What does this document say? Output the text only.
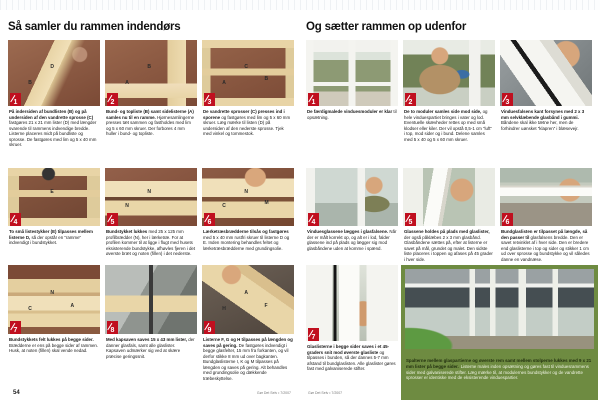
Så samler du rammen indendørs
1
D
B

På indersiden af bundlisten (B) og på undersiden af den vandrette sprosse (C) fastgøres 21 x 21 mm lister (D) med længder svarende til rammens indvendige bredde. Listerne placeres midt på bundliste og sprosse. De fastgøres med lim og 5 x 40 mm skruer.

2
B
A

Bund- og topliste (B) samt sidelisterne (A) samles nu til en ramme. Hjørnesamlingerne presses tæt sammen og fastholdes med lim og 5 x 60 mm skruer. Der forbores 4 mm huller i bund- og topliste.

3
C
A
B

De vandrette sprosser (C) presses ind i sporene og fastgøres med lim og 5 x 60 mm skruer. Læg mærke til listen (D) på undersiden af den nederste sprosse. Tjek med vinkel og tommestok.

4
E

To små listestykker (E) tilpasses mellem listerne D, så der opstår en “ramme” indvendigt i bundstykket.

5
N
N

Bundstykket lukkes med 25 x 125 mm profilbrædder (N), her i lærketræ. For at profilen kommer til at ligge i flugt med husets eksisterende bundstykke, afhøvles fjeren i det øverste bræt og noten (fillen) i det nederste.

6
N
C	M

Lærketræsbrædderne tilsås og fastgøres med 5 x 40 mm rustfri skruer til listerne D og E. Inden montering behandles feltet og lærketræsbrædderne med grundingsolie.

7
N
C
A

Bundstykkets felt lukkes på begge sider. Brædderne er ens på begge sider af rammen. Husk, at noten (fillen) skal vende nedad.

8

Med kapsaven saves 15 x 43 mm lister, der danner glasfals, samt alle glaslister. Kapsaven udmærker sig ved at skære præcise geringssnit.

9
A
H
F

Listerne F, G og H tilpasses på længden og saves på gering. De fastgøres indvendigt i begge glasfelter, 15 mm fra forkanten, og vil derfor stikke 8 mm ud over bagkanten. Bundglaslisterne I, K og M tilpasses på længden og saves på gering. Alt behandles med grundingsolie og dækkende træbeskyttelse.

54	Gør Det Selv • 7/2007
Og sætter rammen op udenfor
1

De færdigmalede vinduesmoduler er klar til opsætning.

2

De to moduler samles side mod side, og hele vinduespartiet bringes i vater og lod. Eventuelle skævheder rettes op med små klodser eller kiler. Der vil opstå 0,5-1 cm “luft” i top, mod sider og i bund. Delene samles med 5 x 40 og 5 x 60 mm skruer.

3

Vinduesfalsens kant forsynes med 2 x 3 mm selvklæbende glasbånd i gummi. Båndene skal ikke tætne her, men de forhindrer uønsket “klapren” i blæsevejr.

4

Vinduesglassene lægges i glasfalsene. Når der er målt korrekt op, og alt er i lod, falder glassene ind på plads og lægger sig mod glasbåndene uden at komme i spænd.

5

Glassene holdes på plads med glaslister, der også påklæbes 2 x 3 mm glasbånd. Glasbåndene sættes på, efter at listerne er savet på mål, grundet og malet. Den sidste liste placeres i toppen og afases på 45 grader i hver side.

6

Bundglaslisten er tilpasset på længde, så den passer til glasfalsens bredde. Den er savet retvinklet af i hver side. Den er bredere end glaslisterne i top og sider og stikker 1 cm ud over sprosse og bundstykke og vil således danne en vandnæse.

7

Glaslisterne i begge sider saves i et 45-graders snit mod øverste glasliste og tilpasses i bunden, så der dannes 5-7 mm afstand til bundglaslisten. Alle glaslister gøres fast med galvaniserede stifter.

Spalterne mellem glaspartierne og øverste rem samt mellem stolperne lukkes med 9 x 21 mm lister på begge sider. Listerne males inden opsætning og gøres fast til vinduesrammens sider med galvaniserede stifter. Læg mærke til, at modulernes bundstykker og de vandrette sprosser er identiske med de eksisterende vinduespartier.

Gør Det Selv • 7/2007
